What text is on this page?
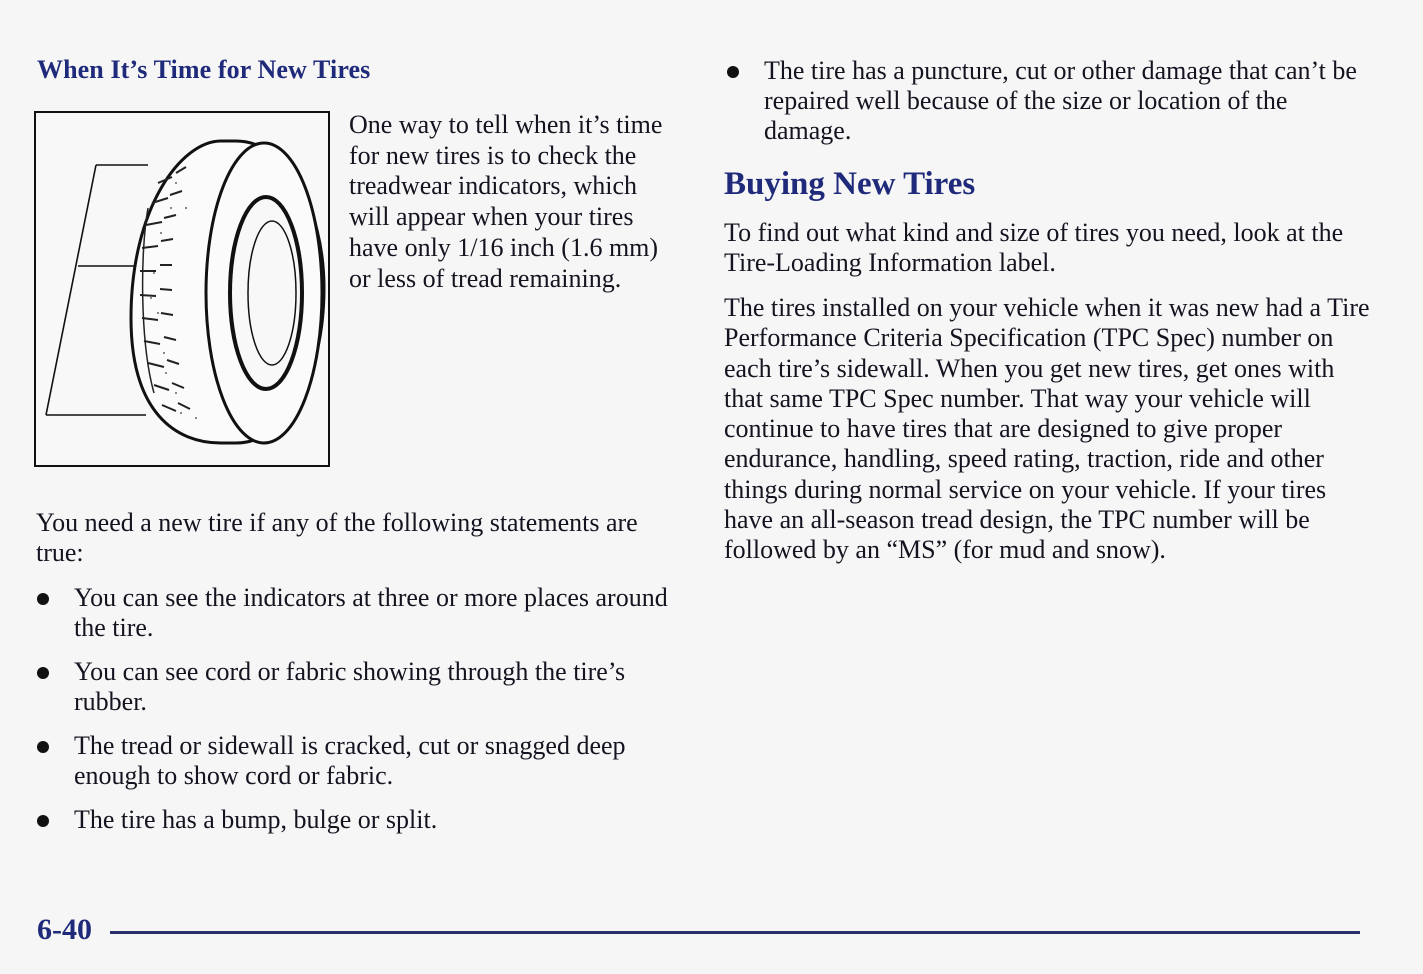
When It’s Time for New Tires

One way to tell when it’s time for new tires is to check the treadwear indicators, which will appear when your tires have only 1/16 inch (1.6 mm) or less of tread remaining.

You need a new tire if any of the following statements are true:

You can see the indicators at three or more places around the tire.
You can see cord or fabric showing through the tire’s rubber.
The tread or sidewall is cracked, cut or snagged deep enough to show cord or fabric.
The tire has a bump, bulge or split.
The tire has a puncture, cut or other damage that can’t be repaired well because of the size or location of the damage.
Buying New Tires

To find out what kind and size of tires you need, look at the Tire-Loading Information label.

The tires installed on your vehicle when it was new had a Tire Performance Criteria Specification (TPC Spec) number on each tire’s sidewall. When you get new tires, get ones with that same TPC Spec number. That way your vehicle will continue to have tires that are designed to give proper endurance, handling, speed rating, traction, ride and other things during normal service on your vehicle. If your tires have an all-season tread design, the TPC number will be followed by an “MS” (for mud and snow).

6-40
